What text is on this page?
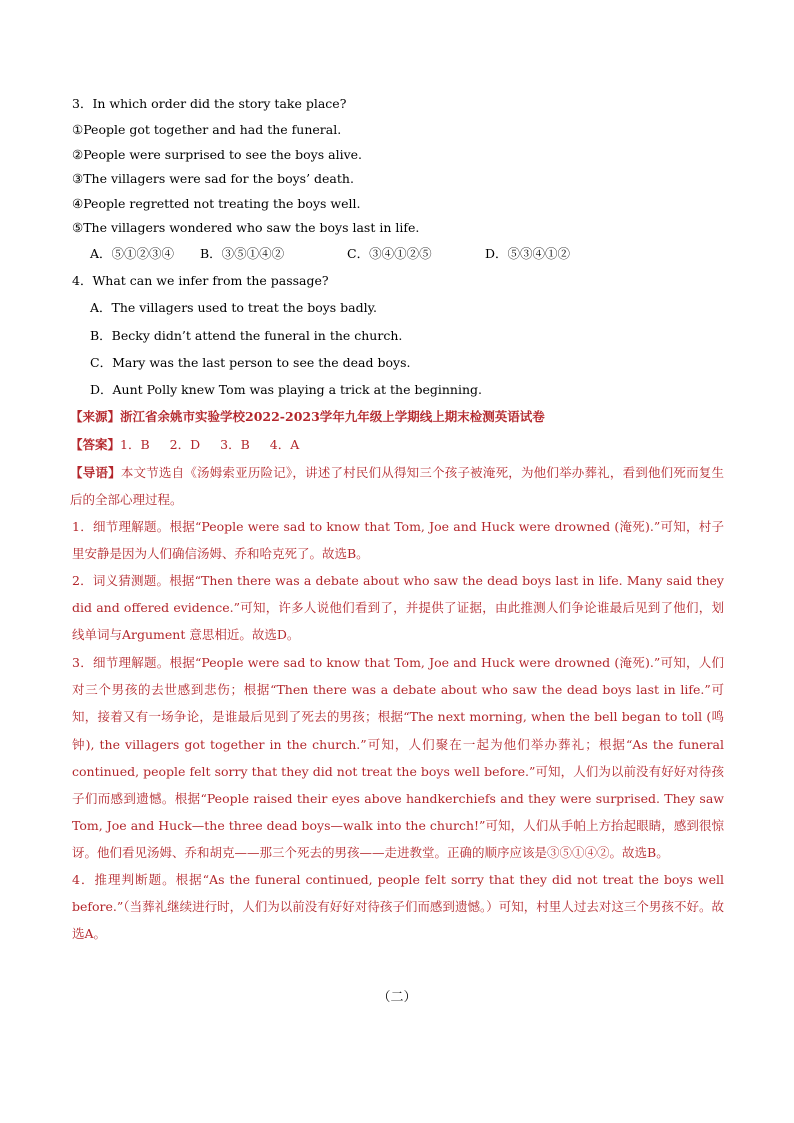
3．In which order did the story take place?
①People got together and had the funeral.
②People were surprised to see the boys alive.
③The villagers were sad for the boys’ death.
④People regretted not treating the boys well.
⑤The villagers wondered who saw the boys last in life.
A．⑤①②③④ B．③⑤①④②	C．③④①②⑤	D．⑤③④①②
4．What can we infer from the passage?
A．The villagers used to treat the boys badly.
B．Becky didn’t attend the funeral in the church.
C．Mary was the last person to see the dead boys.
D．Aunt Polly knew Tom was playing a trick at the beginning.
【来源】浙江省余姚市实验学校2022-2023学年九年级上学期线上期末检测英语试卷
【答案】1．B 2．D 3．B 4．A
【导语】本文节选自《汤姆索亚历险记》，讲述了村民们从得知三个孩子被淹死，为他们举办葬礼，看到他们死而复生后的全部心理过程。
1．细节理解题。根据“People were sad to know that Tom, Joe and Huck were drowned (淹死).”可知，村子里安静是因为人们确信汤姆、乔和哈克死了。故选B。
2．词义猜测题。根据“Then there was a debate about who saw the dead boys last in life. Many said they did and offered evidence.”可知，许多人说他们看到了，并提供了证据，由此推测人们争论谁最后见到了他们，划线单词与Argument 意思相近。故选D。
3．细节理解题。根据“People were sad to know that Tom, Joe and Huck were drowned (淹死).”可知，人们对三个男孩的去世感到悲伤；根据“Then there was a debate about who saw the dead boys last in life.”可知，接着又有一场争论，是谁最后见到了死去的男孩；根据“The next morning, when the bell began to toll (鸣钟), the villagers got together in the church.”可知，人们聚在一起为他们举办葬礼；根据“As the funeral continued, people felt sorry that they did not treat the boys well before.”可知，人们为以前没有好好对待孩子们而感到遗憾。根据“People raised their eyes above handkerchiefs and they were surprised. They saw Tom, Joe and Huck—the three dead boys—walk into the church!”可知，人们从手帕上方抬起眼睛，感到很惊讶。他们看见汤姆、乔和胡克——那三个死去的男孩——走进教堂。正确的顺序应该是③⑤①④②。故选B。
4．推理判断题。根据“As the funeral continued, people felt sorry that they did not treat the boys well before.”（当葬礼继续进行时，人们为以前没有好好对待孩子们而感到遗憾。）可知，村里人过去对这三个男孩不好。故选A。
（二）
